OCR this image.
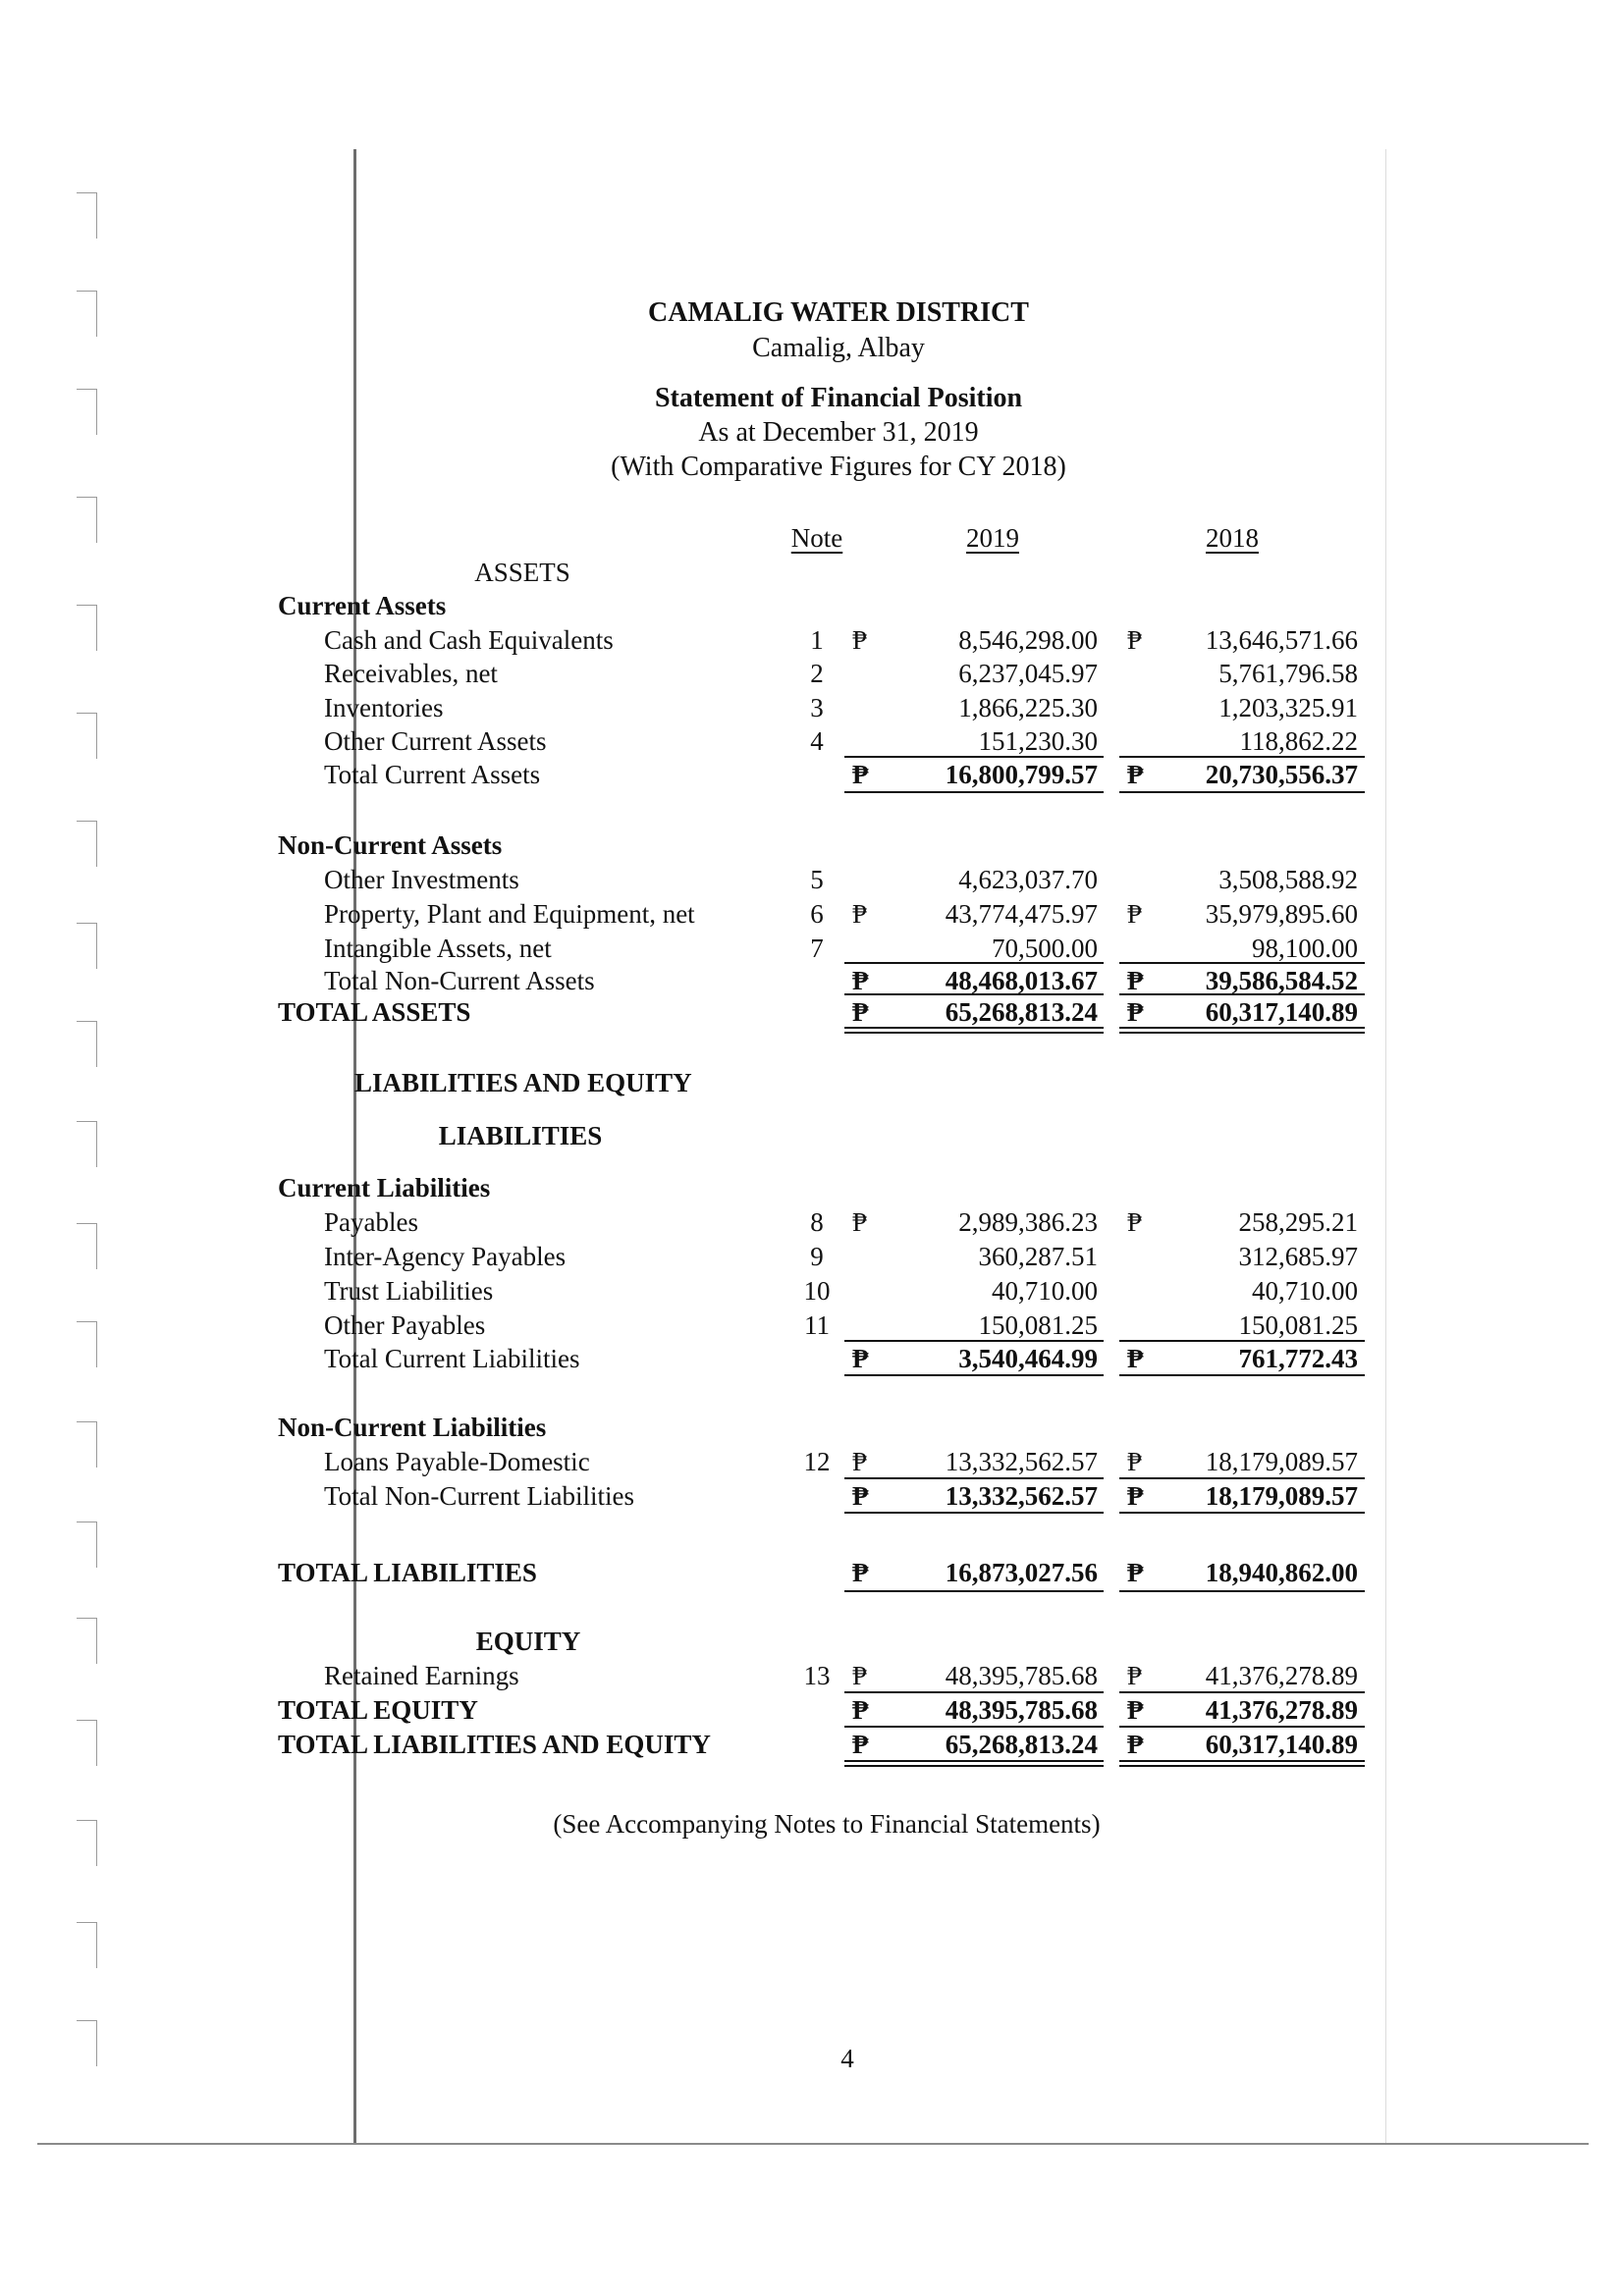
CAMALIG WATER DISTRICT
Camalig, Albay
Statement of Financial Position
As at December 31, 2019
(With Comparative Figures for CY 2018)
Note	2019	2018
ASSETS
Current Assets
Cash and Cash Equivalents	1 ₱	8,546,298.00 ₱ 13,646,571.66
Receivables, net	2	6,237,045.97	5,761,796.58
Inventories	3	1,866,225.30	1,203,325.91
Other Current Assets	4	151,230.30	118,862.22
Total Current Assets	₱	16,800,799.57 ₱ 20,730,556.37
Non-Current Assets
Other Investments	5	4,623,037.70	3,508,588.92
Property, Plant and Equipment, net	6 ₱	43,774,475.97 ₱ 35,979,895.60
Intangible Assets, net	7	70,500.00	98,100.00
Total Non-Current Assets	₱	48,468,013.67 ₱ 39,586,584.52
TOTAL ASSETS	₱	65,268,813.24 ₱ 60,317,140.89
LIABILITIES AND EQUITY
LIABILITIES
Current Liabilities
Payables	8 ₱	2,989,386.23 ₱	258,295.21
Inter-Agency Payables	9	360,287.51	312,685.97
Trust Liabilities	10	40,710.00	40,710.00
Other Payables	11	150,081.25	150,081.25
Total Current Liabilities	₱	3,540,464.99 ₱	761,772.43
Non-Current Liabilities
Loans Payable-Domestic	12 ₱	13,332,562.57 ₱ 18,179,089.57
Total Non-Current Liabilities	₱	13,332,562.57 ₱ 18,179,089.57
TOTAL LIABILITIES	₱	16,873,027.56 ₱ 18,940,862.00
EQUITY
Retained Earnings	13 ₱	48,395,785.68 ₱ 41,376,278.89
TOTAL EQUITY	₱	48,395,785.68 ₱ 41,376,278.89
TOTAL LIABILITIES AND EQUITY	₱	65,268,813.24 ₱ 60,317,140.89
(See Accompanying Notes to Financial Statements)
4
